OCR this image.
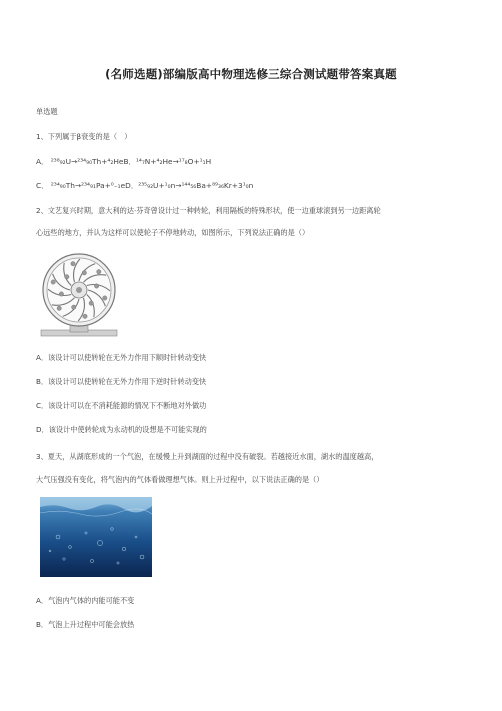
(名师选题)部编版高中物理选修三综合测试题带答案真题
单选题
1、下列属于β衰变的是（　）
A． ²³⁸₉₂U→²³⁴₉₀Th+⁴₂HeB．¹⁴₇N+⁴₂He→¹⁷₈O+¹₁H
C． ²³⁴₉₀Th→²³⁴₉₁Pa+⁰₋₁eD．²³⁵₉₂U+¹₀n→¹⁴⁴₅₆Ba+⁸⁹₃₆Kr+3¹₀n
2、文艺复兴时期，意大利的达·芬奇曾设计过一种转轮，利用隔板的特殊形状，使一边重球滚到另一边距离轮
心远些的地方，并认为这样可以使轮子不停地转动，如图所示，下列说法正确的是（）
A．该设计可以使转轮在无外力作用下顺时针转动变快
B．该设计可以使转轮在无外力作用下逆时针转动变快
C．该设计可以在不消耗能源的情况下不断地对外做功
D．该设计中使转轮成为永动机的设想是不可能实现的
3、夏天，从湖底形成的一个气泡，在缓慢上升到湖面的过程中没有破裂。若越接近水面，湖水的温度越高，
大气压强没有变化，将气泡内的气体看做理想气体。则上升过程中，以下说法正确的是（）
A．气泡内气体的内能可能不变
B．气泡上升过程中可能会放热
